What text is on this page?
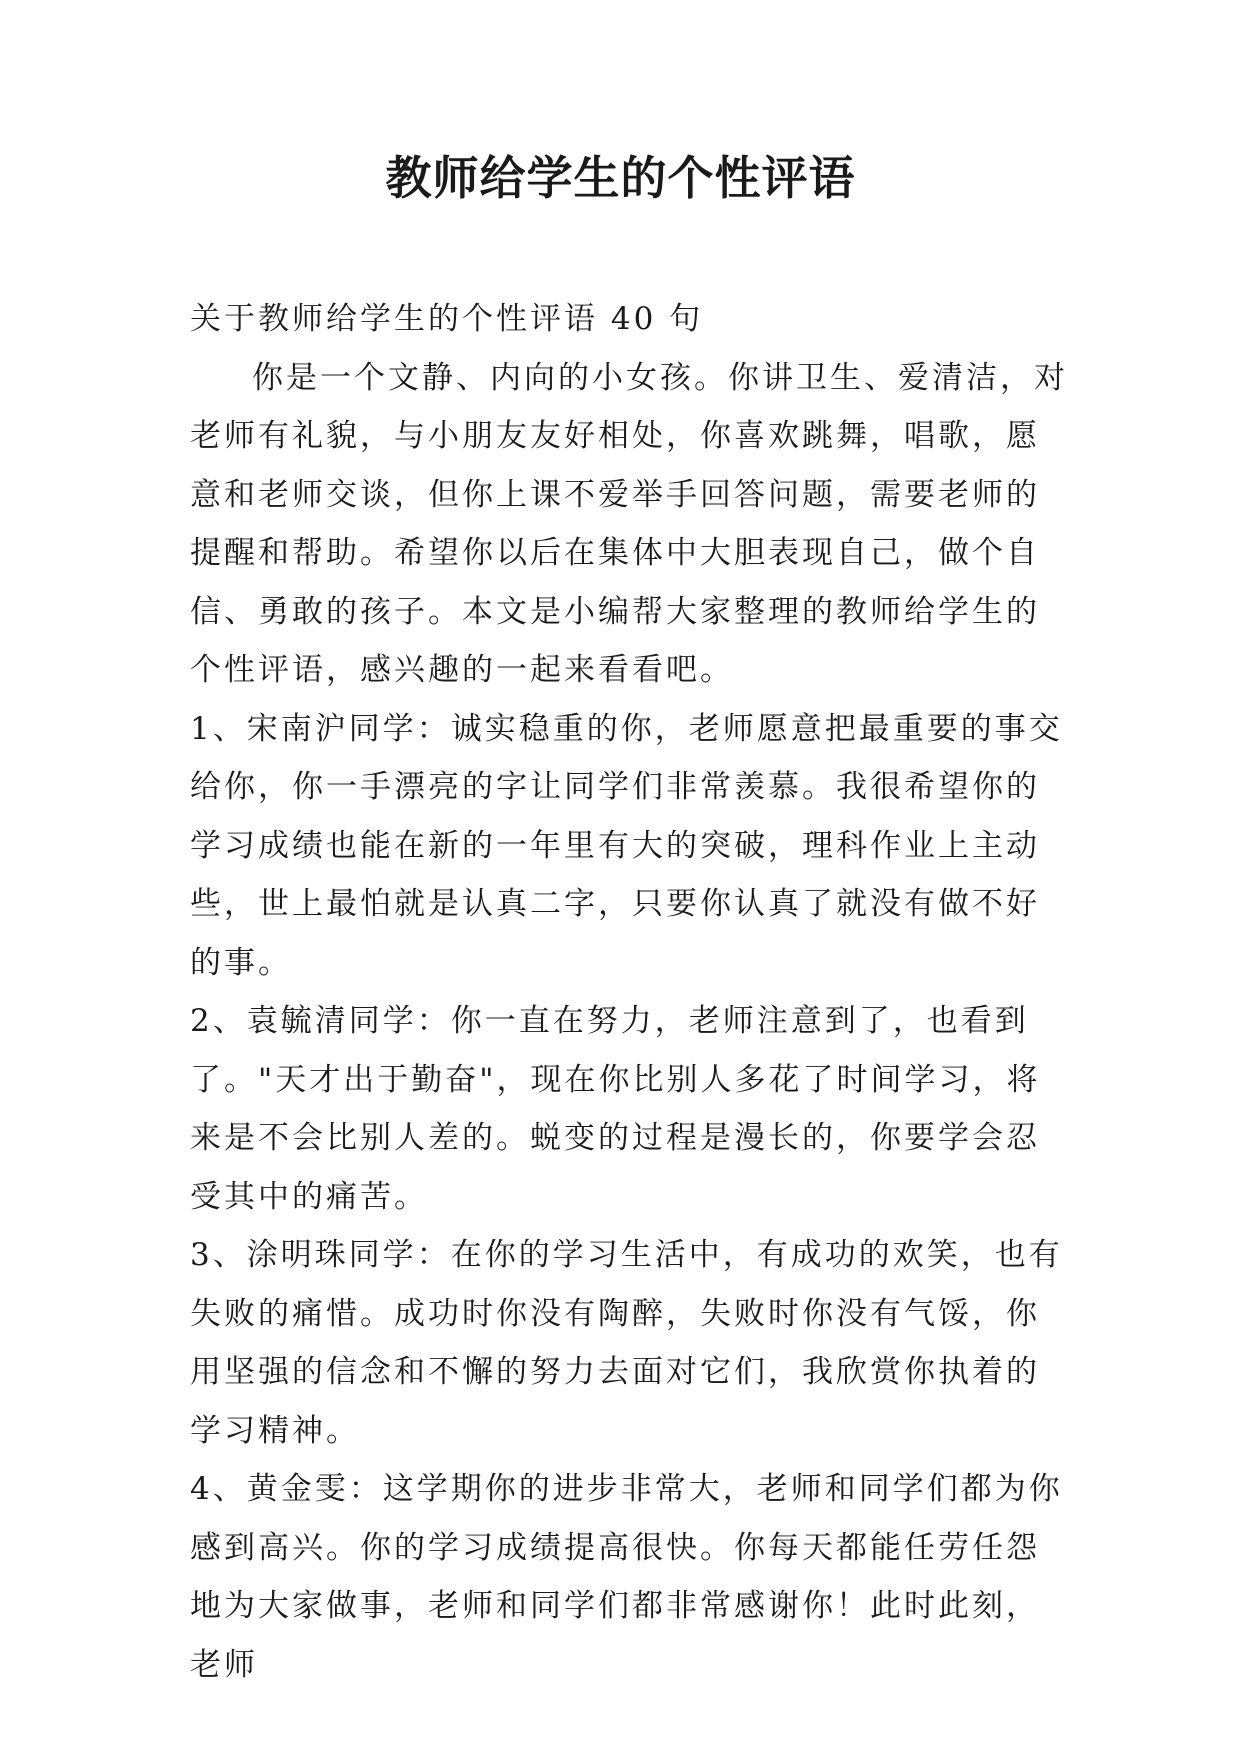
教师给学生的个性评语

关于教师给学生的个性评语 40 句

你是一个文静、内向的小女孩。你讲卫生、爱清洁，对老师有礼貌，与小朋友友好相处，你喜欢跳舞，唱歌，愿意和老师交谈，但你上课不爱举手回答问题，需要老师的提醒和帮助。希望你以后在集体中大胆表现自己，做个自信、勇敢的孩子。本文是小编帮大家整理的教师给学生的个性评语，感兴趣的一起来看看吧。

1、宋南沪同学：诚实稳重的你，老师愿意把最重要的事交给你，你一手漂亮的字让同学们非常羡慕。我很希望你的学习成绩也能在新的一年里有大的突破，理科作业上主动些，世上最怕就是认真二字，只要你认真了就没有做不好的事。

2、袁毓清同学：你一直在努力，老师注意到了，也看到了。"天才出于勤奋"，现在你比别人多花了时间学习，将来是不会比别人差的。蜕变的过程是漫长的，你要学会忍受其中的痛苦。

3、涂明珠同学：在你的学习生活中，有成功的欢笑，也有失败的痛惜。成功时你没有陶醉，失败时你没有气馁，你用坚强的信念和不懈的努力去面对它们，我欣赏你执着的学习精神。

4、黄金雯：这学期你的进步非常大，老师和同学们都为你感到高兴。你的学习成绩提高很快。你每天都能任劳任怨地为大家做事，老师和同学们都非常感谢你！此时此刻，老师
